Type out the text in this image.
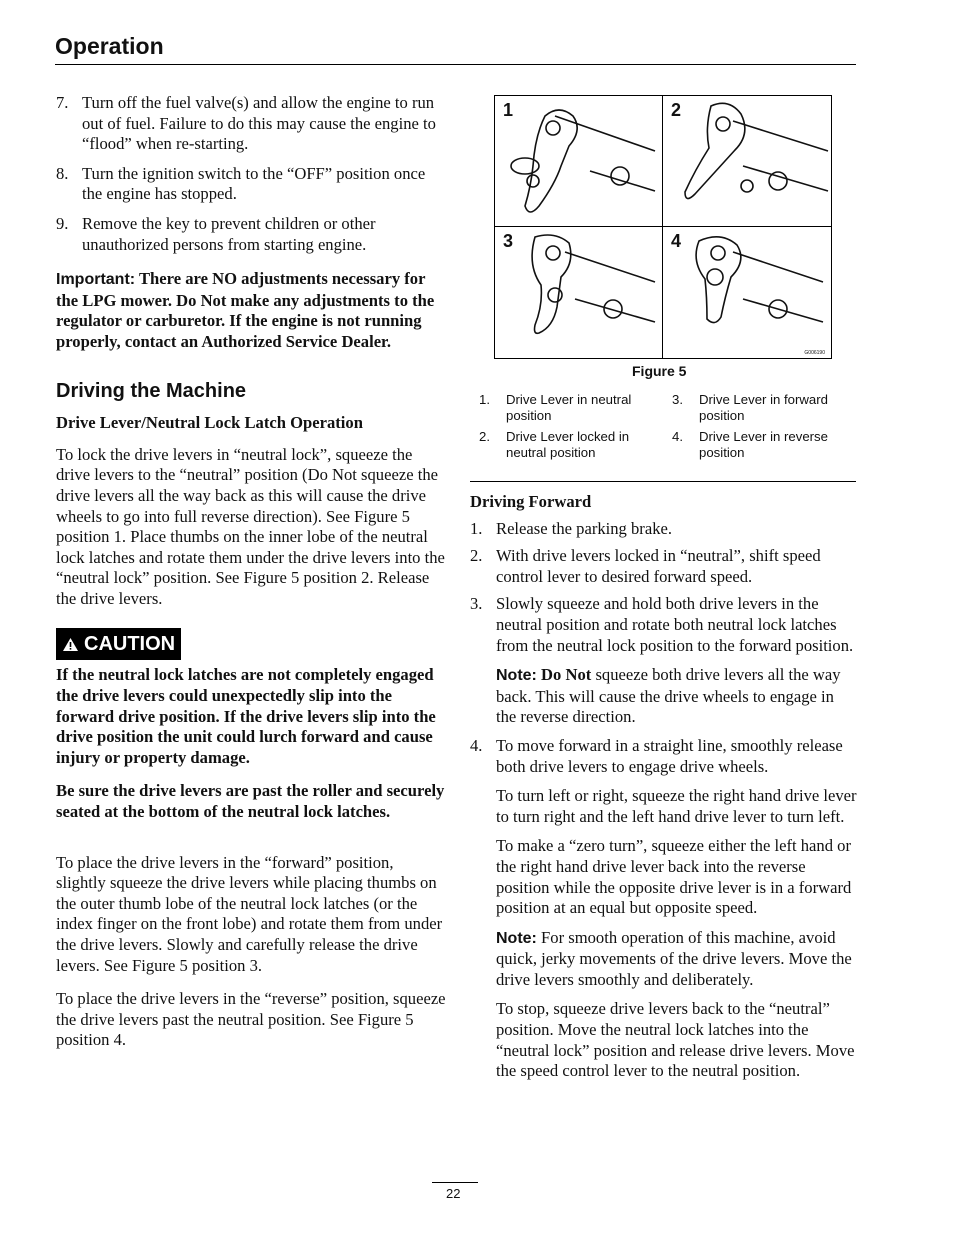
Operation
7. Turn off the fuel valve(s) and allow the engine to run out of fuel. Failure to do this may cause the engine to “flood” when re-starting.
8. Turn the ignition switch to the “OFF” position once the engine has stopped.
9. Remove the key to prevent children or other unauthorized persons from starting engine.
Important: There are NO adjustments necessary for the LPG mower. Do Not make any adjustments to the regulator or carburetor. If the engine is not running properly, contact an Authorized Service Dealer.
Driving the Machine
Drive Lever/Neutral Lock Latch Operation

To lock the drive levers in “neutral lock”, squeeze the drive levers to the “neutral” position (Do Not squeeze the drive levers all the way back as this will cause the drive wheels to go into full reverse direction). See Figure 5 position 1. Place thumbs on the inner lobe of the neutral lock latches and rotate them under the drive levers into the “neutral lock” position. See Figure 5 position 2. Release the drive levers.

CAUTION
If the neutral lock latches are not completely engaged the drive levers could unexpectedly slip into the forward drive position. If the drive levers slip into the drive position the unit could lurch forward and cause injury or property damage.
Be sure the drive levers are past the roller and securely seated at the bottom of the neutral lock latches.

To place the drive levers in the “forward” position, slightly squeeze the drive levers while placing thumbs on the outer thumb lobe of the neutral lock latches (or the index finger on the front lobe) and rotate them from under the drive levers. Slowly and carefully release the drive levers. See Figure 5 position 3.

To place the drive levers in the “reverse” position, squeeze the drive levers past the neutral position. See Figure 5 position 4.

1	2
3	4
G006190
Figure 5
1. Drive Lever in neutral position
2. Drive Lever locked in neutral position
3. Drive Lever in forward position
4. Drive Lever in reverse position
Driving Forward
1. Release the parking brake.
2. With drive levers locked in “neutral”, shift speed control lever to desired forward speed.
3. Slowly squeeze and hold both drive levers in the neutral position and rotate both neutral lock latches from the neutral lock position to the forward position.

Note: Do Not squeeze both drive levers all the way back. This will cause the drive wheels to engage in the reverse direction.

4. To move forward in a straight line, smoothly release both drive levers to engage drive wheels.

To turn left or right, squeeze the right hand drive lever to turn right and the left hand drive lever to turn left.

To make a “zero turn”, squeeze either the left hand or the right hand drive lever back into the reverse position while the opposite drive lever is in a forward position at an equal but opposite speed.

Note: For smooth operation of this machine, avoid quick, jerky movements of the drive levers. Move the drive levers smoothly and deliberately.

To stop, squeeze drive levers back to the “neutral” position. Move the neutral lock latches into the “neutral lock” position and release drive levers. Move the speed control lever to the neutral position.

22
